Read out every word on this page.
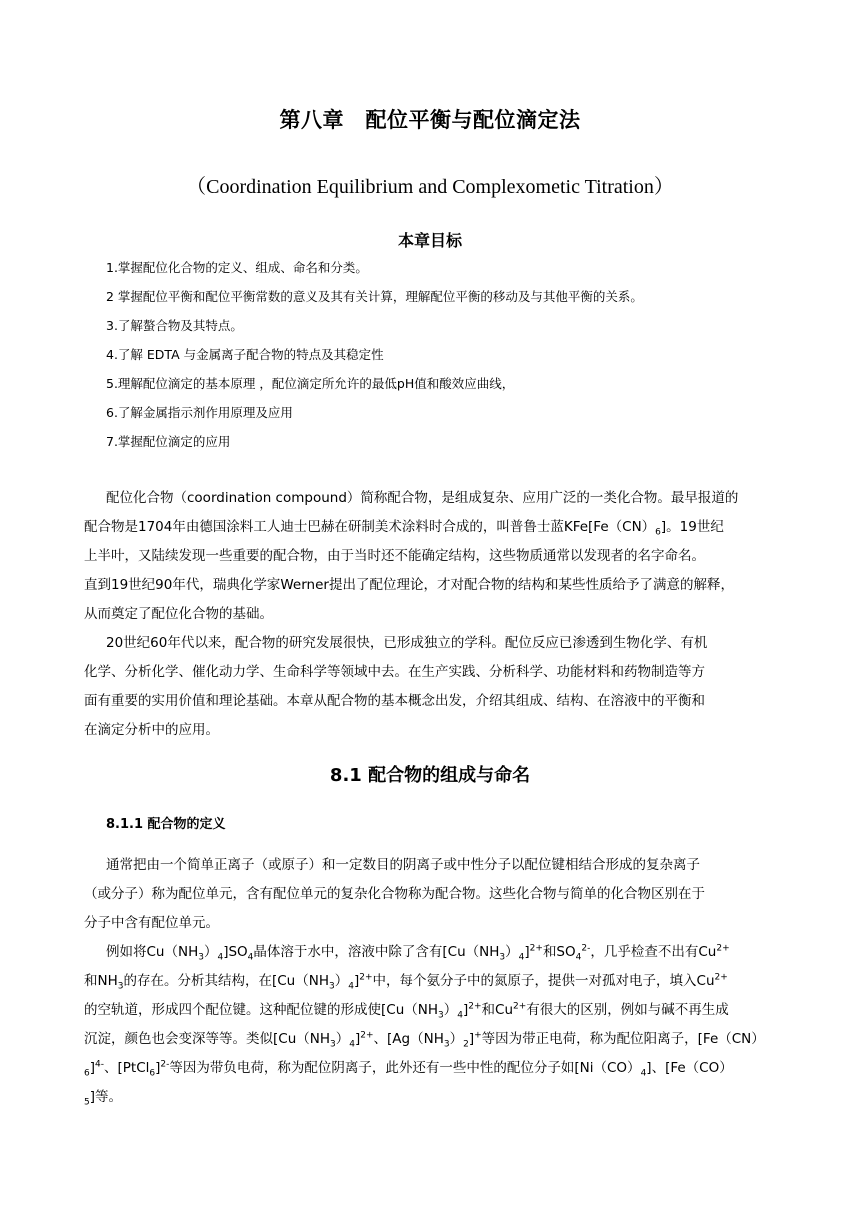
第八章　配位平衡与配位滴定法
（Coordination Equilibrium and Complexometic Titration）
本章目标
1.掌握配位化合物的定义、组成、命名和分类。
2 掌握配位平衡和配位平衡常数的意义及其有关计算，理解配位平衡的移动及与其他平衡的关系。
3.了解螯合物及其特点。
4.了解 EDTA 与金属离子配合物的特点及其稳定性
5.理解配位滴定的基本原理 ，配位滴定所允许的最低pH值和酸效应曲线，
6.了解金属指示剂作用原理及应用
7.掌握配位滴定的应用
配位化合物（coordination compound）简称配合物，是组成复杂、应用广泛的一类化合物。最早报道的
配合物是1704年由德国涂料工人迪士巴赫在研制美术涂料时合成的，叫普鲁士蓝$KFe[Fe(CN)_6]$。19世纪
上半叶，又陆续发现一些重要的配合物，由于当时还不能确定结构，这些物质通常以发现者的名字命名。
直到19世纪90年代，瑞典化学家Werner提出了配位理论，才对配合物的结构和某些性质给予了满意的解释，
从而奠定了配位化合物的基础。
20世纪60年代以来，配合物的研究发展很快，已形成独立的学科。配位反应已渗透到生物化学、有机
化学、分析化学、催化动力学、生命科学等领域中去。在生产实践、分析科学、功能材料和药物制造等方
面有重要的实用价值和理论基础。本章从配合物的基本概念出发，介绍其组成、结构、在溶液中的平衡和
在滴定分析中的应用。
8.1 配合物的组成与命名
8.1.1 配合物的定义
通常把由一个简单正离子（或原子）和一定数目的阴离子或中性分子以配位键相结合形成的复杂离子
（或分子）称为配位单元，含有配位单元的复杂化合物称为配合物。这些化合物与简单的化合物区别在于
分子中含有配位单元。
例如将$Cu(NH_3)_4]SO_4$晶体溶于水中，溶液中除了含有$[Cu(NH_3)_4]^{2+}$和$SO_4^{2-}$，几乎检查不出有$Cu^{2+}$
和$NH_3$的存在。分析其结构，在$[Cu(NH_3)_4]^{2+}$中，每个氨分子中的氮原子，提供一对孤对电子，填入$Cu^{2+}$
的空轨道，形成四个配位键。这种配位键的形成使$[Cu(NH_3)_4]^{2+}$和$Cu^{2+}$有很大的区别，例如与碱不再生成
沉淀，颜色也会变深等等。类似$[Cu(NH_3)_4]^{2+}$、$[Ag(NH_3)_2]^+$等因为带正电荷，称为配位阳离子，[Fe（CN）
$_6$]$^{4-}$、[PtCl$_6$]$^{2-}$等因为带负电荷，称为配位阴离子，此外还有一些中性的配位分子如$[Ni(CO)_4]$、[Fe（CO）
$_5$]等。
